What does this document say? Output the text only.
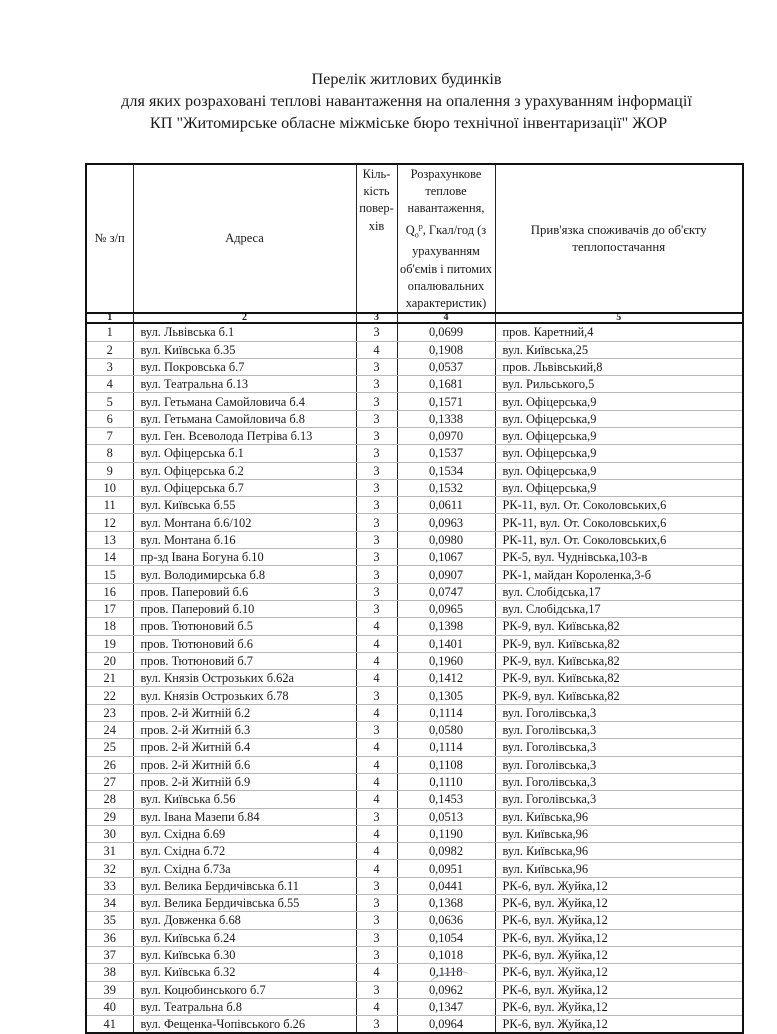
Перелік житлових будинків
для яких розраховані теплові навантаження на опалення з урахуванням інформації
КП "Житомирське обласне міжміське бюро технічної інвентаризації" ЖОР
№ з/п	Адреса	Кіль-кість повер-хів	Розрахункове теплове навантаження, $Q_о^р$, Гкал/год (з урахуванням об'ємів і питомих опалювальних характеристик)	Прив'язка споживачів до об'єкту теплопостачання
1	2	3	4	5
1	вул. Львівська б.1	3	0,0699	пров. Каретний,4
2	вул. Київська б.35	4	0,1908	вул. Київська,25
3	вул. Покровська б.7	3	0,0537	пров. Львівський,8
4	вул. Театральна б.13	3	0,1681	вул. Рильського,5
5	вул. Гетьмана Самойловича б.4	3	0,1571	вул. Офіцерська,9
6	вул. Гетьмана Самойловича б.8	3	0,1338	вул. Офіцерська,9
7	вул. Ген. Всеволода Петріва б.13	3	0,0970	вул. Офіцерська,9
8	вул. Офіцерська б.1	3	0,1537	вул. Офіцерська,9
9	вул. Офіцерська б.2	3	0,1534	вул. Офіцерська,9
10	вул. Офіцерська б.7	3	0,1532	вул. Офіцерська,9
11	вул. Київська б.55	3	0,0611	РК-11, вул. От. Соколовських,6
12	вул. Монтана б.6/102	3	0,0963	РК-11, вул. От. Соколовських,6
13	вул. Монтана б.16	3	0,0980	РК-11, вул. От. Соколовських,6
14	пр-зд Івана Богуна б.10	3	0,1067	РК-5, вул. Чуднівська,103-в
15	вул. Володимирська б.8	3	0,0907	РК-1, майдан Короленка,3-б
16	пров. Паперовий б.6	3	0,0747	вул. Слобідська,17
17	пров. Паперовий б.10	3	0,0965	вул. Слобідська,17
18	пров. Тютюновий б.5	4	0,1398	РК-9, вул. Київська,82
19	пров. Тютюновий б.6	4	0,1401	РК-9, вул. Київська,82
20	пров. Тютюновий б.7	4	0,1960	РК-9, вул. Київська,82
21	вул. Князів Острозьких б.62а	4	0,1412	РК-9, вул. Київська,82
22	вул. Князів Острозьких б.78	3	0,1305	РК-9, вул. Київська,82
23	пров. 2-й Житній б.2	4	0,1114	вул. Гоголівська,3
24	пров. 2-й Житній б.3	3	0,0580	вул. Гоголівська,3
25	пров. 2-й Житній б.4	4	0,1114	вул. Гоголівська,3
26	пров. 2-й Житній б.6	4	0,1108	вул. Гоголівська,3
27	пров. 2-й Житній б.9	4	0,1110	вул. Гоголівська,3
28	вул. Київська б.56	4	0,1453	вул. Гоголівська,3
29	вул. Івана Мазепи б.84	3	0,0513	вул. Київська,96
30	вул. Східна б.69	4	0,1190	вул. Київська,96
31	вул. Східна б.72	4	0,0982	вул. Київська,96
32	вул. Східна б.73а	4	0,0951	вул. Київська,96
33	вул. Велика Бердичівська б.11	3	0,0441	РК-6, вул. Жуйка,12
34	вул. Велика Бердичівська б.55	3	0,1368	РК-6, вул. Жуйка,12
35	вул. Довженка б.68	3	0,0636	РК-6, вул. Жуйка,12
36	вул. Київська б.24	3	0,1054	РК-6, вул. Жуйка,12
37	вул. Київська б.30	3	0,1018	РК-6, вул. Жуйка,12
38	вул. Київська б.32	4	0,1118	РК-6, вул. Жуйка,12
39	вул. Коцюбинського б.7	3	0,0962	РК-6, вул. Жуйка,12
40	вул. Театральна б.8	4	0,1347	РК-6, вул. Жуйка,12
41	вул. Фещенка-Чопівського б.26	3	0,0964	РК-6, вул. Жуйка,12
